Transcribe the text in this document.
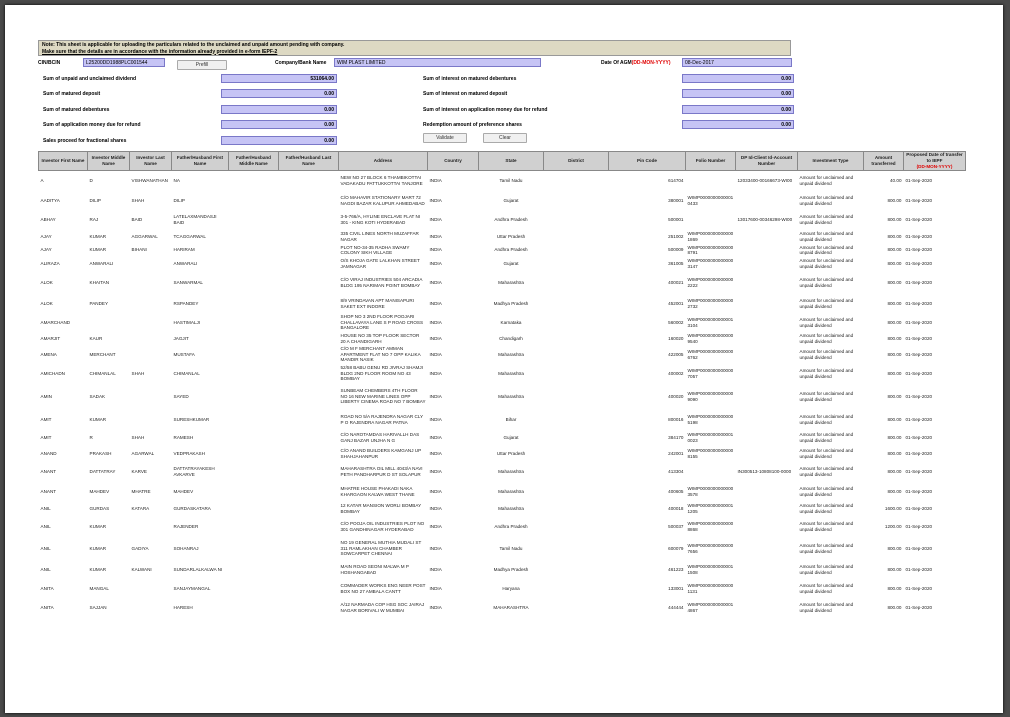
Note: This sheet is applicable for uploading the particulars related to the unclaimed and unpaid amount pending with company.
Make sure that the details are in accordance with the information already provided in e-form IEPF-2
CIN/BCIN	L25200DD1988PLC001544	Prefill	Company/Bank Name	WIM PLAST LIMITED	Date Of AGM(DD-MON-YYYY)	08-Dec-2017
Sum of unpaid and unclaimed dividend	531064.00
Sum of matured deposit	0.00
Sum of matured debentures	0.00
Sum of application money due for refund	0.00
Sales proceed for fractional shares	0.00
Sum of interest on matured debentures	0.00
Sum of interest on matured deposit	0.00
Sum of interest on application money due for refund	0.00
Redemption amount of preference shares	0.00
Validate	Clear
Investor First Name	Investor Middle Name	Investor Last Name	Father/Husband First Name	Father/Husband Middle Name	Father/Husband Last Name	Address	Country	State	District	Pin Code	Folio Number	DP Id-Client Id-Account Number	Investment Type	Amount transferred	Proposed Date of transfer to IEPF
(DD-MON-YYYY)

A	D	VISHWANATHAN	NA			NEW NO 27 BLOCK 6 THAMBIKOTTAI VADAKADU PATTUKKOTTAI TANJORE	INDIA	Tamil Nadu		614704		12033400-00166673-WI00	Amount for unclaimed and unpaid dividend	40.00	01-Sep-2020
AADITYA	DILIP	SHAH	DILIP			C/O MAHAVIR STATIONARY MART 72 NAGDI BAZAR KALUPUR AHMEDABAD	INDIA	Gujarat		380001	WIMP0000000000001 0433		Amount for unclaimed and unpaid dividend	800.00	01-Sep-2020
ABHAY	RAJ	BAID	LATELAXMANDASJI BAID			3-5-766/A, HYLINE ENCLAVE FLAT NI 301 - KING KOTI HYDERABAD	INDIA	Andhra Pradesh		500001		13017600-00346298-WI00	Amount for unclaimed and unpaid dividend	800.00	01-Sep-2020
AJAY	KUMAR	AGGARWAL	TCAGGARWAL			335 CIVIL LINES NORTH MUZAFFAR NAGAR	INDIA	Uttar Pradesh		251002	WIMP0000000000000 1869		Amount for unclaimed and unpaid dividend	800.00	01-Sep-2020
AJAY	KUMAR	BIHANI	HARIRAM			PLOT NO-34-35 RADHA SWAMY COLONY SIKH VILLAGE	INDIA	Andhra Pradesh		500009	WIMP0000000000000 8791		Amount for unclaimed and unpaid dividend	800.00	01-Sep-2020
ALIRAZA	ANWARALI		ANWARALI			O/S KHOJA GATE LALKHAN STREET JAMNAGAR	INDIA	Gujarat		361005	WIMP0000000000000 3147		Amount for unclaimed and unpaid dividend	800.00	01-Sep-2020
ALOK	KHAITAN		SANWARMAL			C/O VIRAJ INDUSTRIES 504 ARCADIA BLDG 195 NARIMAN POINT BOMBAY	INDIA	Maharashtra		400021	WIMP0000000000000 2222		Amount for unclaimed and unpaid dividend	800.00	01-Sep-2020
ALOK	PANDEY		RSPANDEY			8/9 VRINDAVAN APT MANISAPURI SAKET EXT INDORE	INDIA	Madhya Pradesh		452001	WIMP0000000000000 2732		Amount for unclaimed and unpaid dividend	800.00	01-Sep-2020
AMARCHAND			HASTIMALJI			SHOP NO 3 2ND FLOOR POOJARI CHALLAVAYA LANE S P ROAD CROSS BANGALORE	INDIA	Karnataka		560002	WIMP0000000000001 3104		Amount for unclaimed and unpaid dividend	800.00	01-Sep-2020
AMARJIT	KAUR		JAGJIT			HOUSE NO 35 TOP FLOOR SECTOR 20 A CHANDIGARH	INDIA	Chandigarh		160020	WIMP0000000000000 9540		Amount for unclaimed and unpaid dividend	800.00	01-Sep-2020
AMENA	MERCHANT		MUSTAFA			C/O M F MERCHANT AMMAN APARTMENT FLAT NO 7 OPP KALIKA MANDIR NASIK	INDIA	Maharashtra		422005	WIMP0000000000000 6762		Amount for unclaimed and unpaid dividend	800.00	01-Sep-2020
AMICHADN	CHIMANLAL	SHAH	CHIMANLAL			52/58 BABU GENU RD JIVRAJ SHAMJI BLDG 2ND FLOOR ROOM NO 43 BOMBAY	INDIA	Maharashtra		400002	WIMP0000000000000 7057		Amount for unclaimed and unpaid dividend	800.00	01-Sep-2020
AMIN	SADAK		SAYED			SUNBEAM CHEMBERS 4TH FLOOR NO 16 NEW MARINE LINES OPP LIBERTY CINEMA ROAD NO 7 BOMBAY	INDIA	Maharashtra		400020	WIMP0000000000000 9090		Amount for unclaimed and unpaid dividend	800.00	01-Sep-2020
AMIT	KUMAR		SURESHKUMAR			ROAD NO 5/A RAJENDRA NAGAR CLY P O RAJENDRA NAGAR PATNA	INDIA	Bihar		800016	WIMP0000000000000 5198		Amount for unclaimed and unpaid dividend	800.00	01-Sep-2020
AMIT	R	SHAH	RAMESH			C/O NAROTAMDAS HARIVALLH DAS GANJ BAZAR UNJHA N G	INDIA	Gujarat		384170	WIMP0000000000001 0023		Amount for unclaimed and unpaid dividend	800.00	01-Sep-2020
ANAND	PRAKASH	AGARWAL	VEDPRAKASH			C/O ANAND BUILDERS KAMGANJ UP SHAHJAHANPUR	INDIA	Uttar Pradesh		242001	WIMP0000000000000 8155		Amount for unclaimed and unpaid dividend	800.00	01-Sep-2020
ANANT	DATTATRAY	KARVE	DATTATRAYAKESH AVKARVE			MAHARASHTRA OIL MILL 4043/A NAVI PETH PANDHARPUR D ST SOLAPUR	INDIA	Maharashtra		413304		IN300513-10808100-0000	Amount for unclaimed and unpaid dividend	800.00	01-Sep-2020
ANANT	MAHDEV	MHATRE	MAHDEV			MHATRE HOUSE PHAKADI NAKA KHARGAON KALWA WEST THANE	INDIA	Maharashtra		400605	WIMP0000000000000 3578		Amount for unclaimed and unpaid dividend	800.00	01-Sep-2020
ANIL	GURDAS	KATARA	GURDASKATARA			12 KATAR MANSION WORLI BOMBAY BOMBAY	INDIA	Maharashtra		400018	WIMP0000000000001 1205		Amount for unclaimed and unpaid dividend	1600.00	01-Sep-2020
ANIL	KUMAR		RAJENDER			C/O POOJA OIL INDUSTRIES PLOT NO 301 GANDHINAGAR HYDERABAD	INDIA	Andhra Pradesh		500037	WIMP0000000000000 8868		Amount for unclaimed and unpaid dividend	1200.00	01-Sep-2020
ANIL	KUMAR	GADIYA	SOHANRAJ			NO 19 GENERAL MUTHIA MUDALI ST 311 RAMLAKHAN CHAMBER SOWCARPET CHENNAI	INDIA	Tamil Nadu		600079	WIMP0000000000000 7656		Amount for unclaimed and unpaid dividend	800.00	01-Sep-2020
ANIL	KUMAR	KALWANI	SUNDARLALKALWA NI			MAIN ROAD SEONI MALWA M P HOSHANGABAD	INDIA	Madhya Pradesh		461223	WIMP0000000000001 1508		Amount for unclaimed and unpaid dividend	800.00	01-Sep-2020
ANITA	MANGAL		SANJAYMANGAL			COMMADER WORKS ENG NEER POST BOX NO 27 AMBALA CANTT	INDIA	Haryana		133001	WIMP0000000000000 1131		Amount for unclaimed and unpaid dividend	800.00	01-Sep-2020
ANITA	SAJJAN		HARESH			A/12 NARMADA COP HSG SOC JAIRAJ NAGAR BORIVALI W MUMBAI	INDIA	MAHARASHTRA		444444	WIMP0000000000001 4867		Amount for unclaimed and unpaid dividend	800.00	01-Sep-2020
